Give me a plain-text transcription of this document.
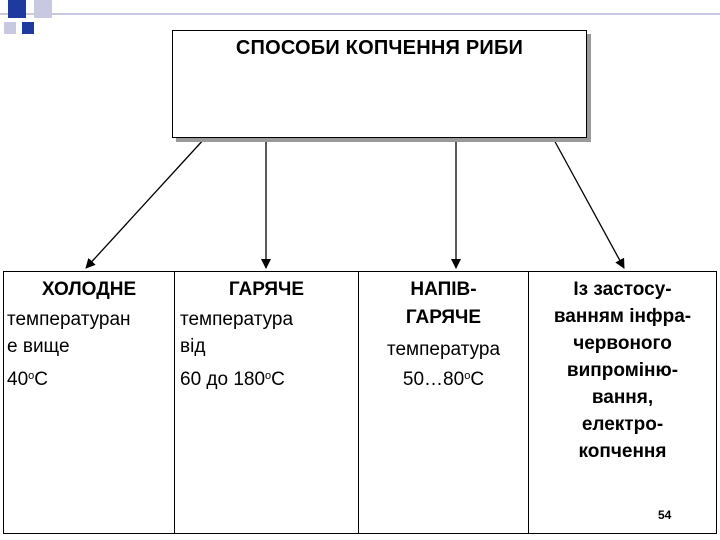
СПОСОБИ КОПЧЕННЯ РИБИ
ХОЛОДНЕ
температуран
е вище
$40^оС$
ГАРЯЧЕ
температура
від
60 до $180^оС$
НАПІВ-
ГАРЯЧЕ
температура
$50\dots 80^оС$
Із застосу-
ванням інфра-
червоного
випроміню-
вання,
електро-
копчення
54
